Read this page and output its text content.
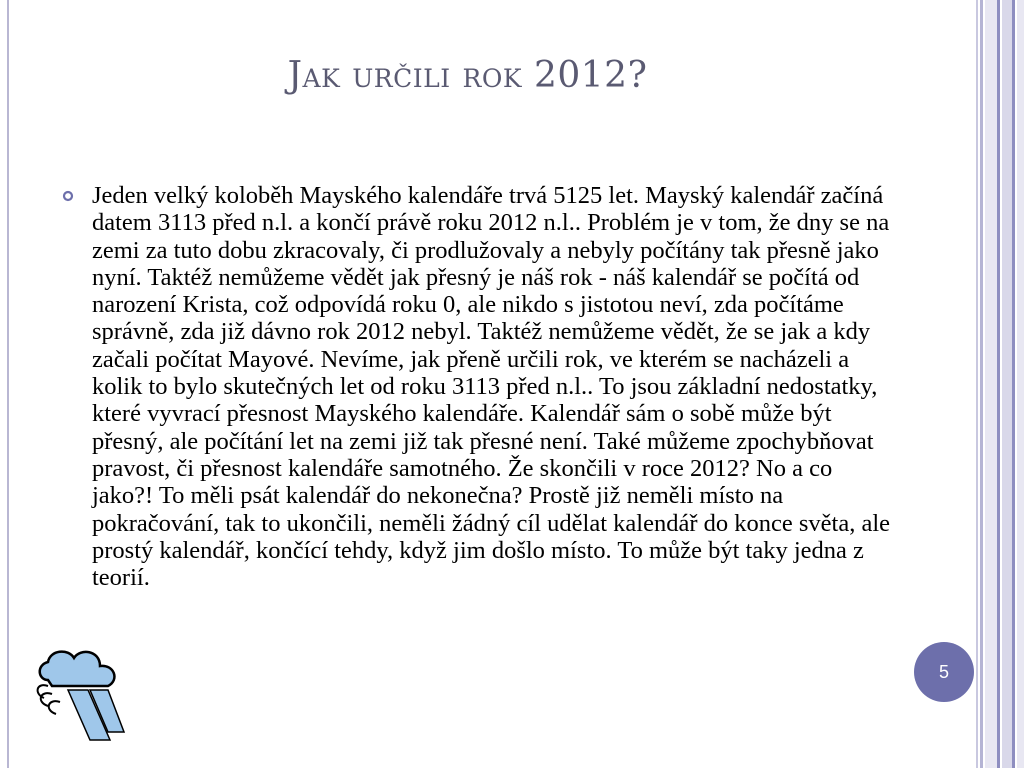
Jak určili rok 2012?

Jeden velký koloběh Mayského kalendáře trvá 5125 let. Mayský kalendář začíná datem 3113 před n.l. a končí právě roku 2012 n.l.. Problém je v tom, že dny se na zemi za tuto dobu zkracovaly, či prodlužovaly a nebyly počítány tak přesně jako nyní. Taktéž nemůžeme vědět jak přesný je náš rok - náš kalendář se počítá od narození Krista, což odpovídá roku 0, ale nikdo s jistotou neví, zda počítáme správně, zda již dávno rok 2012 nebyl. Taktéž nemůžeme vědět, že se jak a kdy začali počítat Mayové. Nevíme, jak přeně určili rok, ve kterém se nacházeli a kolik to bylo skutečných let od roku 3113 před n.l.. To jsou základní nedostatky, které vyvrací přesnost Mayského kalendáře. Kalendář sám o sobě může být přesný, ale počítání let na zemi již tak přesné není. Také můžeme zpochybňovat pravost, či přesnost kalendáře samotného. Že skončili v roce 2012? No a co jako?! To měli psát kalendář do nekonečna? Prostě již neměli místo na pokračování, tak to ukončili, neměli žádný cíl udělat kalendář do konce světa, ale prostý kalendář, končící tehdy, když jim došlo místo. To může být taky jedna z teorií.

5
